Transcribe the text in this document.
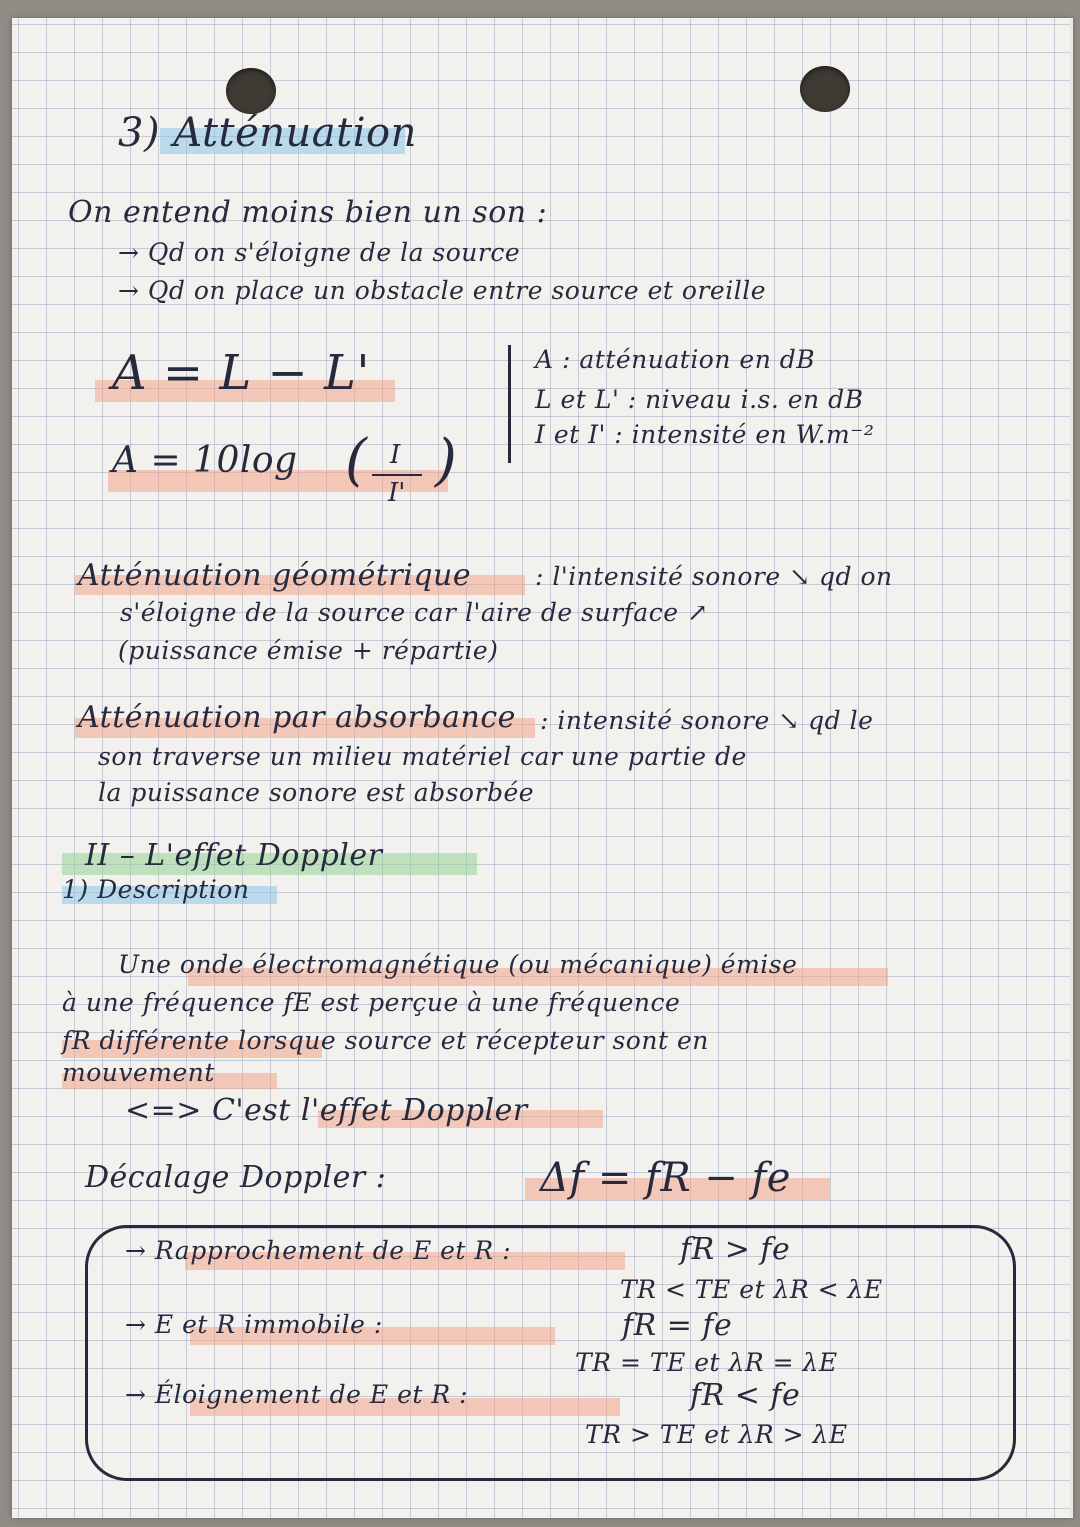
3) Atténuation
On entend moins bien un son :
→ Qd on s'éloigne de la source
→ Qd on place un obstacle entre source et oreille
A = L − L'
A = 10log ( I
I' )
A : atténuation en dB
L et L' : niveau i.s. en dB
I et I' : intensité en W.m⁻²
Atténuation géométrique	: l'intensité sonore ↘ qd on
s'éloigne de la source car l'aire de surface ↗
(puissance émise + répartie)
Atténuation par absorbance : intensité sonore ↘ qd le
son traverse un milieu matériel car une partie de
la puissance sonore est absorbée
II – L'effet Doppler
1) Description
Une onde électromagnétique (ou mécanique) émise
à une fréquence fE est perçue à une fréquence
fR différente lorsque source et récepteur sont en
mouvement
<=> C'est l'effet Doppler
Décalage Doppler :	Δf = fR − fe
→ Rapprochement de E et R :	fR > fe
TR < TE et λR < λE
→ E et R immobile :	fR = fe
TR = TE et λR = λE
→ Éloignement de E et R :	fR < fe
TR > TE et λR > λE
